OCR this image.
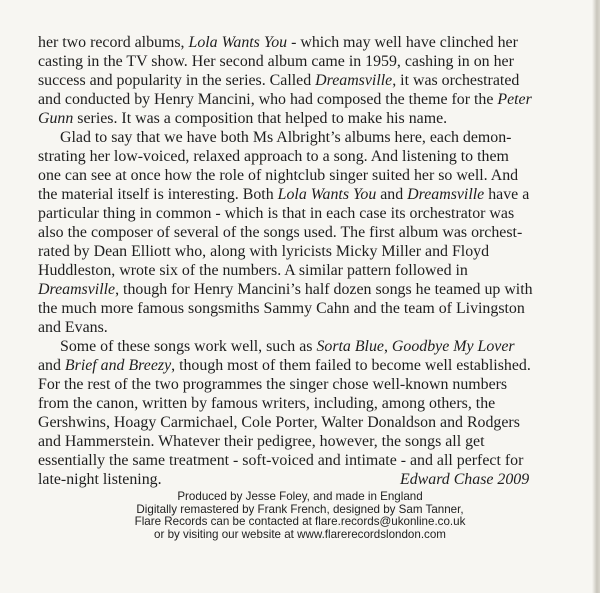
her two record albums, Lola Wants You - which may well have clinched her
casting in the TV show. Her second album came in 1959, cashing in on her
success and popularity in the series. Called Dreamsville, it was orchestrated
and conducted by Henry Mancini, who had composed the theme for the Peter
Gunn series. It was a composition that helped to make his name.
Glad to say that we have both Ms Albright’s albums here, each demon-
strating her low-voiced, relaxed approach to a song. And listening to them
one can see at once how the role of nightclub singer suited her so well. And
the material itself is interesting. Both Lola Wants You and Dreamsville have a
particular thing in common - which is that in each case its orchestrator was
also the composer of several of the songs used. The first album was orchest-
rated by Dean Elliott who, along with lyricists Micky Miller and Floyd
Huddleston, wrote six of the numbers. A similar pattern followed in
Dreamsville, though for Henry Mancini’s half dozen songs he teamed up with
the much more famous songsmiths Sammy Cahn and the team of Livingston
and Evans.
Some of these songs work well, such as Sorta Blue, Goodbye My Lover
and Brief and Breezy, though most of them failed to become well established.
For the rest of the two programmes the singer chose well-known numbers
from the canon, written by famous writers, including, among others, the
Gershwins, Hoagy Carmichael, Cole Porter, Walter Donaldson and Rodgers
and Hammerstein. Whatever their pedigree, however, the songs all get
essentially the same treatment - soft-voiced and intimate - and all perfect for
late-night listening.	Edward Chase 2009
Produced by Jesse Foley, and made in England
Digitally remastered by Frank French, designed by Sam Tanner,
Flare Records can be contacted at flare.records@ukonline.co.uk
or by visiting our website at www.flarerecordslondon.com
